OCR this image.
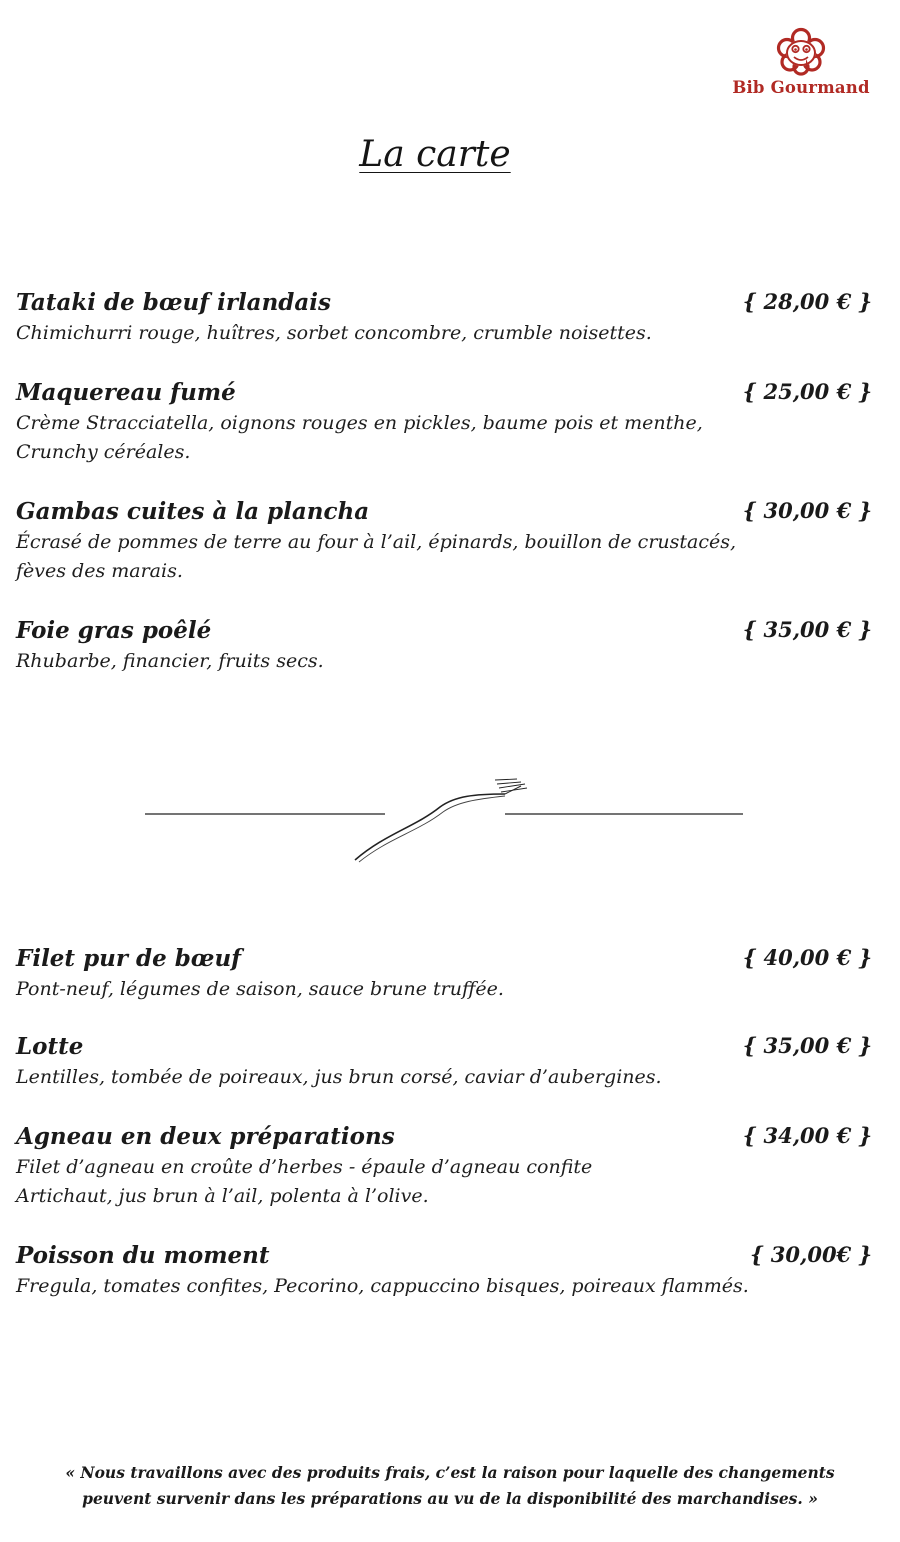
Bib Gourmand
La carte
Tataki de bœuf irlandais	{ 28,00 € }
Chimichurri rouge, huîtres, sorbet concombre, crumble noisettes.
Maquereau fumé	{ 25,00 € }
Crème Stracciatella, oignons rouges en pickles, baume pois et menthe,
Crunchy céréales.
Gambas cuites à la plancha	{ 30,00 € }
Écrasé de pommes de terre au four à l’ail, épinards, bouillon de crustacés,
fèves des marais.
Foie gras poêlé	{ 35,00 € }
Rhubarbe, financier, fruits secs.
Filet pur de bœuf	{ 40,00 € }
Pont-neuf, légumes de saison, sauce brune truffée.
Lotte	{ 35,00 € }
Lentilles, tombée de poireaux, jus brun corsé, caviar d’aubergines.
Agneau en deux préparations	{ 34,00 € }
Filet d’agneau en croûte d’herbes - épaule d’agneau confite
Artichaut, jus brun à l’ail, polenta à l’olive.
Poisson du moment	{ 30,00€ }
Fregula, tomates confites, Pecorino, cappuccino bisques, poireaux flammés.
« Nous travaillons avec des produits frais, c’est la raison pour laquelle des changements
peuvent survenir dans les préparations au vu de la disponibilité des marchandises. »
